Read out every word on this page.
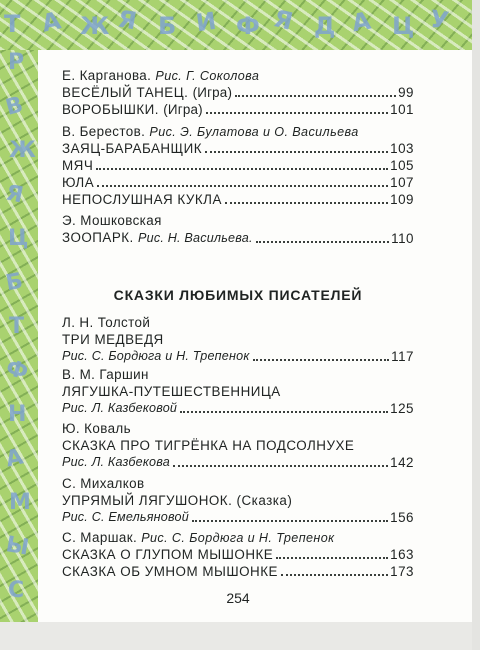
Т А Ж Я Б И Ф Я Д А Ц У
Р
В
Ж
Я
Ц
Б
Т
Ф
Н
А
М
Ы
С
Е. Карганова. Рис. Г. Соколова
ВЕСЁЛЫЙ ТАНЕЦ. (Игра)	99
ВОРОБЫШКИ. (Игра)	101
В. Берестов. Рис. Э. Булатова и О. Васильева
ЗАЯЦ-БАРАБАНЩИК	103
МЯЧ	105
ЮЛА	107
НЕПОСЛУШНАЯ КУКЛА	109
Э. Мошковская
ЗООПАРК. Рис. Н. Васильева.	110
СКАЗКИ ЛЮБИМЫХ ПИСАТЕЛЕЙ
Л. Н. Толстой
ТРИ МЕДВЕДЯ
Рис. С. Бордюга и Н. Трепенок	117
В. М. Гаршин
ЛЯГУШКА-ПУТЕШЕСТВЕННИЦА
Рис. Л. Казбековой	125
Ю. Коваль
СКАЗКА ПРО ТИГРЁНКА НА ПОДСОЛНУХЕ
Рис. Л. Казбекова	142
С. Михалков
УПРЯМЫЙ ЛЯГУШОНОК. (Сказка)
Рис. С. Емельяновой	156
С. Маршак. Рис. С. Бордюга и Н. Трепенок
СКАЗКА О ГЛУПОМ МЫШОНКЕ	163
СКАЗКА ОБ УМНОМ МЫШОНКЕ	173
254
